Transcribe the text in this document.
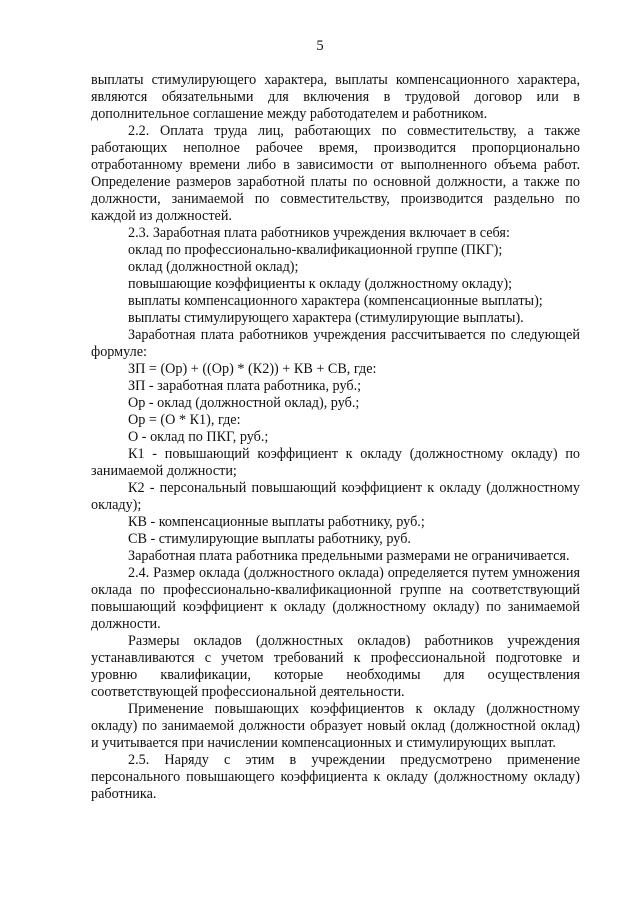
5

выплаты стимулирующего характера, выплаты компенсационного характера, являются обязательными для включения в трудовой договор или в дополнительное соглашение между работодателем и работником.

2.2. Оплата труда лиц, работающих по совместительству, а также работающих неполное рабочее время, производится пропорционально отработанному времени либо в зависимости от выполненного объема работ. Определение размеров заработной платы по основной должности, а также по должности, занимаемой по совместительству, производится раздельно по каждой из должностей.

2.3. Заработная плата работников учреждения включает в себя:

оклад по профессионально-квалификационной группе (ПКГ);

оклад (должностной оклад);

повышающие коэффициенты к окладу (должностному окладу);

выплаты компенсационного характера (компенсационные выплаты);

выплаты стимулирующего характера (стимулирующие выплаты).

Заработная плата работников учреждения рассчитывается по следующей формуле:

ЗП = (Ор) + ((Ор) * (К2)) + КВ + СВ, где:

ЗП - заработная плата работника, руб.;

Ор - оклад (должностной оклад), руб.;

Ор = (О * К1), где:

О - оклад по ПКГ, руб.;

К1 - повышающий коэффициент к окладу (должностному окладу) по занимаемой должности;

К2 - персональный повышающий коэффициент к окладу (должностному окладу);

КВ - компенсационные выплаты работнику, руб.;

СВ - стимулирующие выплаты работнику, руб.

Заработная плата работника предельными размерами не ограничивается.

2.4. Размер оклада (должностного оклада) определяется путем умножения оклада по профессионально-квалификационной группе на соответствующий повышающий коэффициент к окладу (должностному окладу) по занимаемой должности.

Размеры окладов (должностных окладов) работников учреждения устанавливаются с учетом требований к профессиональной подготовке и уровню квалификации, которые необходимы для осуществления соответствующей профессиональной деятельности.

Применение повышающих коэффициентов к окладу (должностному окладу) по занимаемой должности образует новый оклад (должностной оклад) и учитывается при начислении компенсационных и стимулирующих выплат.

2.5. Наряду с этим в учреждении предусмотрено применение персонального повышающего коэффициента к окладу (должностному окладу) работника.
